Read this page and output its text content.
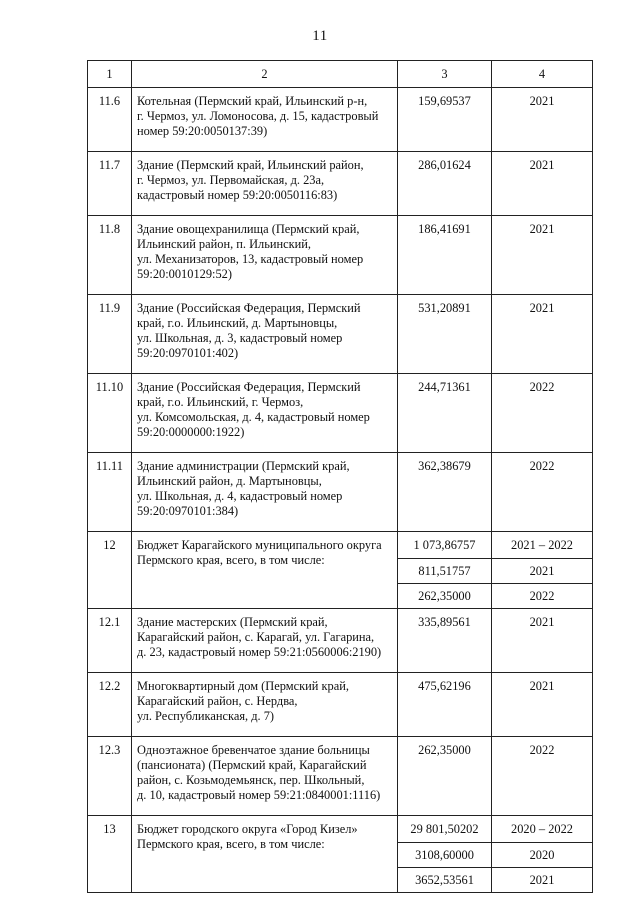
11
1	2	3	4
11.6	Котельная (Пермский край, Ильинский р-н,
г. Чермоз, ул. Ломоносова, д. 15, кадастровый
номер 59:20:0050137:39)	159,69537	2021
11.7	Здание (Пермский край, Ильинский район,
г. Чермоз, ул. Первомайская, д. 23а,
кадастровый номер 59:20:0050116:83)	286,01624	2021
11.8	Здание овощехранилища (Пермский край,
Ильинский район, п. Ильинский,
ул. Механизаторов, 13, кадастровый номер
59:20:0010129:52)	186,41691	2021
11.9	Здание (Российская Федерация, Пермский
край, г.о. Ильинский, д. Мартыновцы,
ул. Школьная, д. 3, кадастровый номер
59:20:0970101:402)	531,20891	2021
11.10	Здание (Российская Федерация, Пермский
край, г.о. Ильинский, г. Чермоз,
ул. Комсомольская, д. 4, кадастровый номер
59:20:0000000:1922)	244,71361	2022
11.11	Здание администрации (Пермский край,
Ильинский район, д. Мартыновцы,
ул. Школьная, д. 4, кадастровый номер
59:20:0970101:384)	362,38679	2022
12	Бюджет Карагайского муниципального округа
Пермского края, всего, в том числе:	1 073,86757	2021 – 2022
		811,51757	2021
		262,35000	2022
12.1	Здание мастерских (Пермский край,
Карагайский район, с. Карагай, ул. Гагарина,
д. 23, кадастровый номер 59:21:0560006:2190)	335,89561	2021
12.2	Многоквартирный дом (Пермский край,
Карагайский район, с. Нердва,
ул. Республиканская, д. 7)	475,62196	2021
12.3	Одноэтажное бревенчатое здание больницы
(пансионата) (Пермский край, Карагайский
район, с. Козьмодемьянск, пер. Школьный,
д. 10, кадастровый номер 59:21:0840001:1116)	262,35000	2022
13	Бюджет городского округа «Город Кизел»
Пермского края, всего, в том числе:	29 801,50202	2020 – 2022
		3108,60000	2020
		3652,53561	2021
